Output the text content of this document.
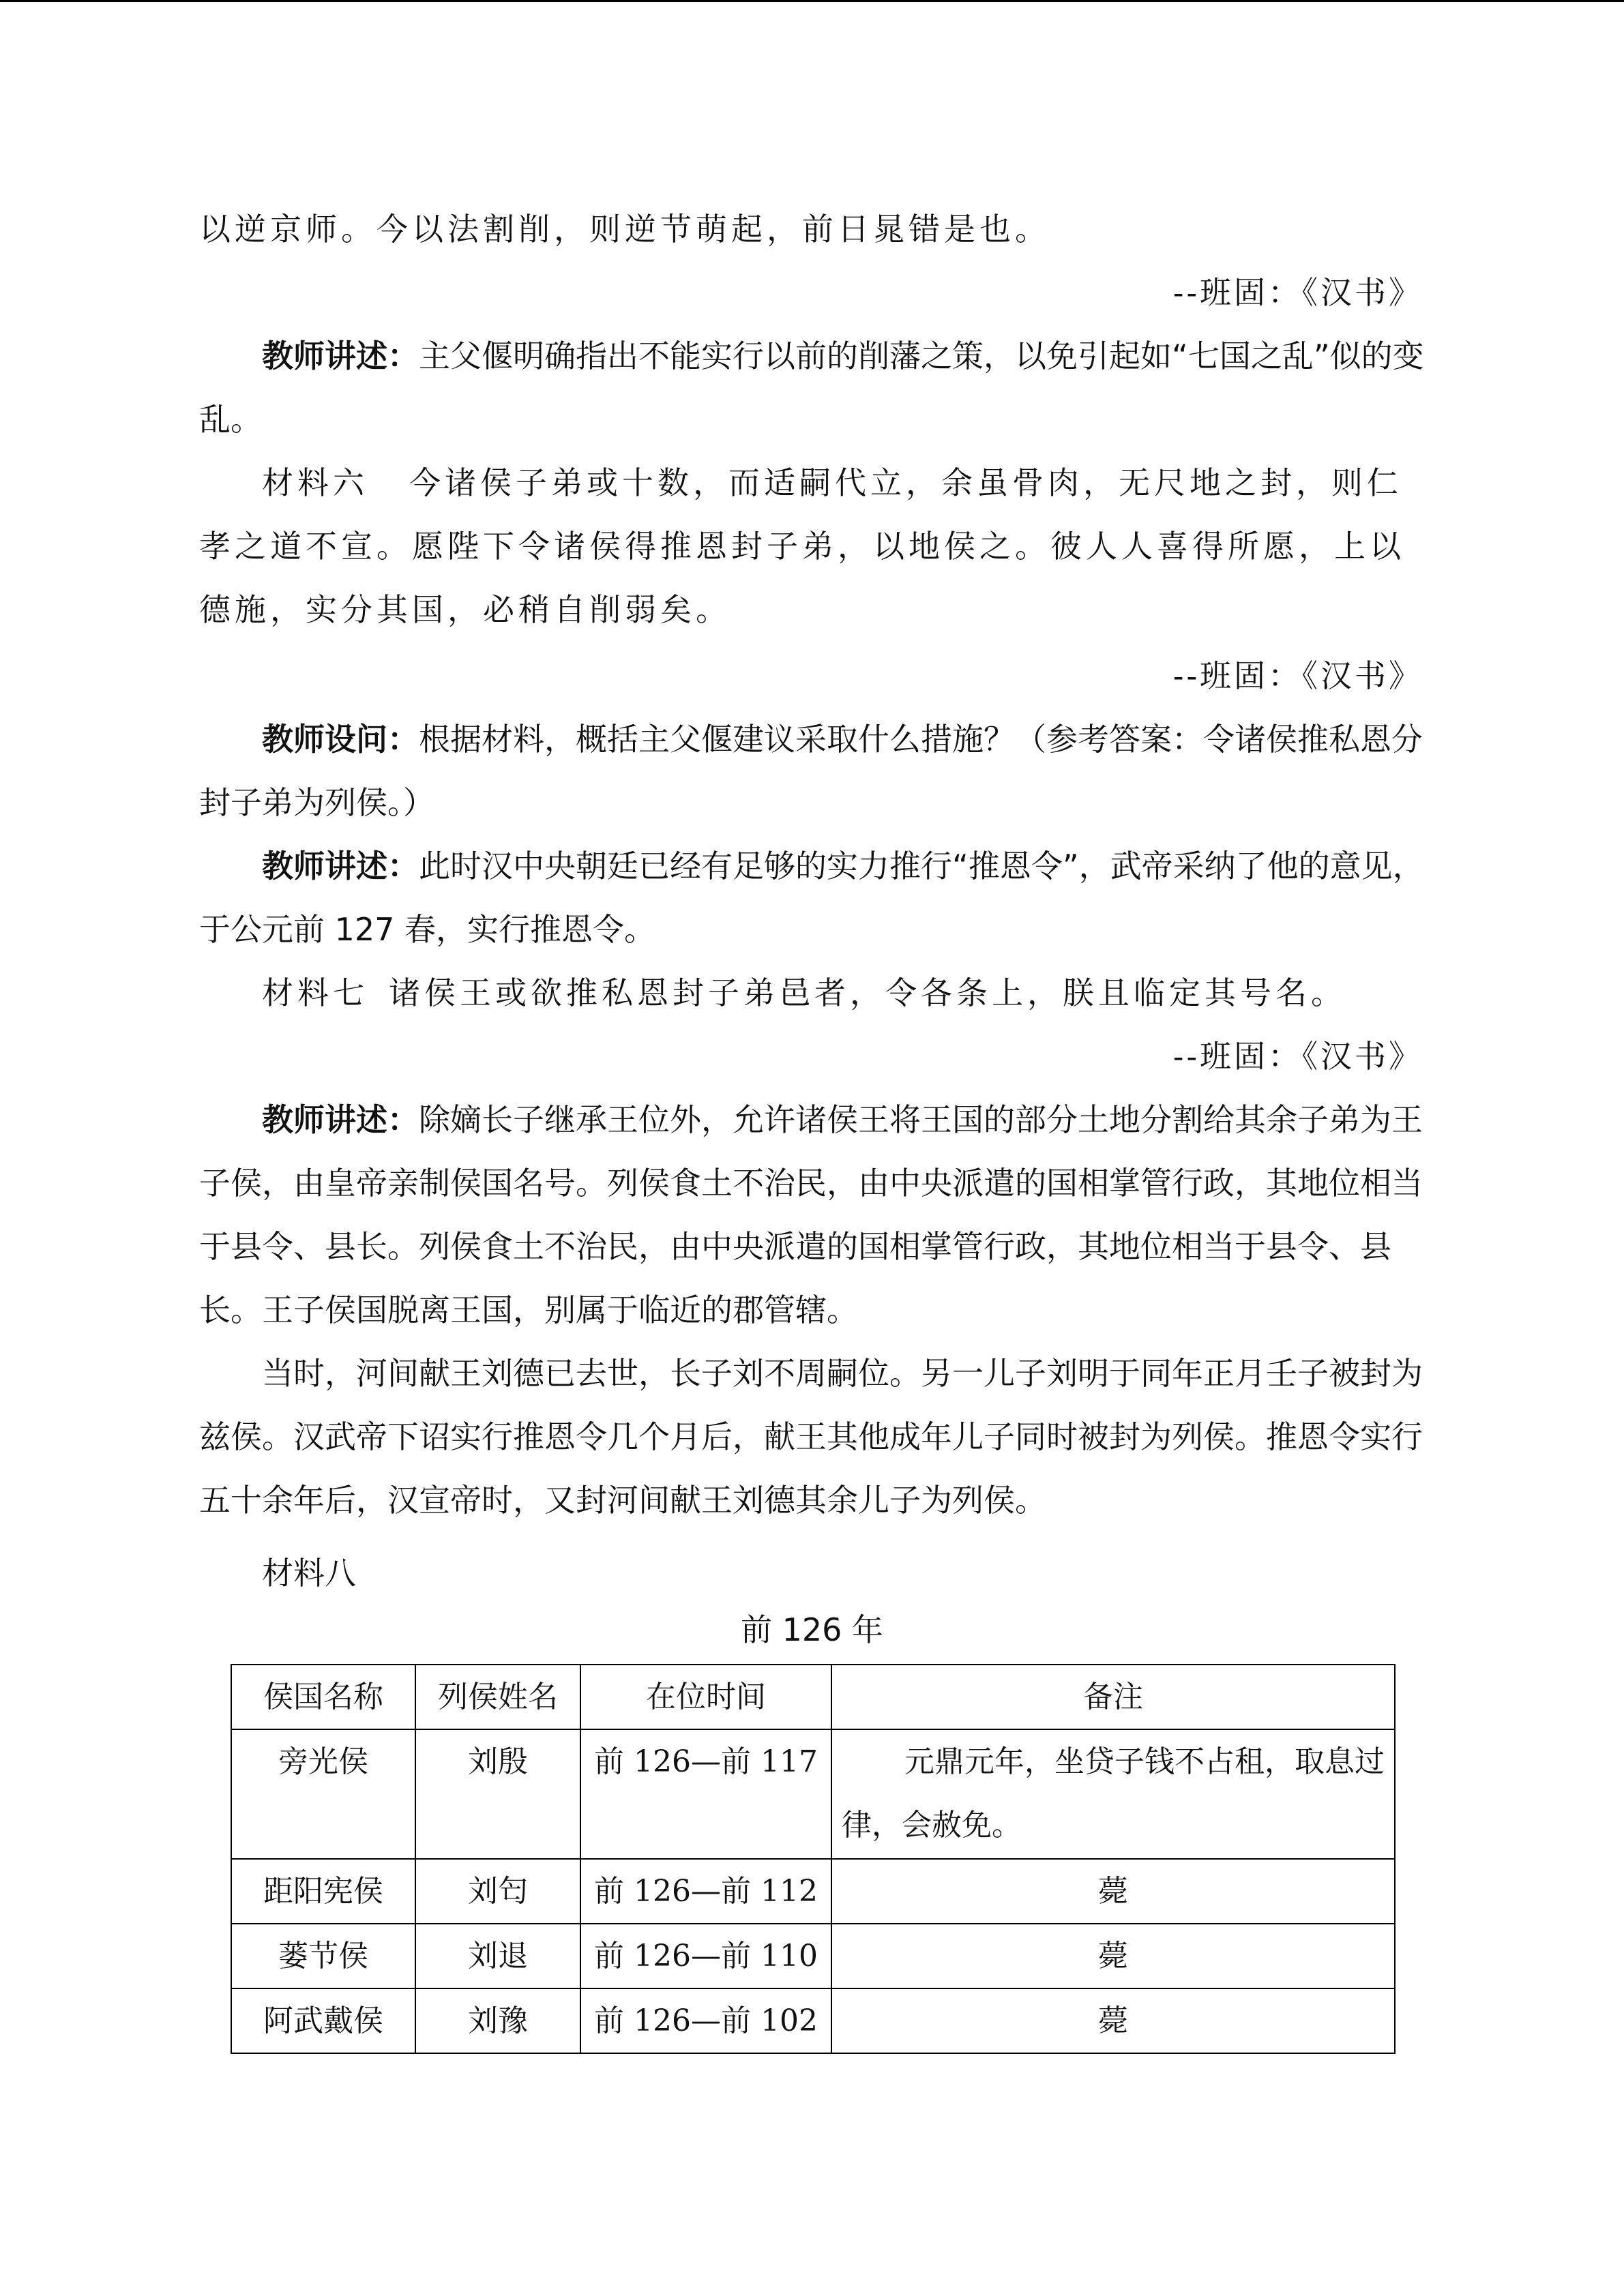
以逆京师。今以法割削，则逆节萌起，前日晁错是也。

--班固：《汉书》

教师讲述：主父偃明确指出不能实行以前的削藩之策，以免引起如“七国之乱”似的变乱。

材料六 今诸侯子弟或十数，而适嗣代立，余虽骨肉，无尺地之封，则仁孝之道不宣。愿陛下令诸侯得推恩封子弟，以地侯之。彼人人喜得所愿，上以德施，实分其国，必稍自削弱矣。

--班固：《汉书》

教师设问：根据材料，概括主父偃建议采取什么措施？（参考答案：令诸侯推私恩分封子弟为列侯。）

教师讲述：此时汉中央朝廷已经有足够的实力推行“推恩令”，武帝采纳了他的意见，于公元前 127 春，实行推恩令。

材料七 诸侯王或欲推私恩封子弟邑者，令各条上，朕且临定其号名。

--班固：《汉书》

教师讲述：除嫡长子继承王位外，允许诸侯王将王国的部分土地分割给其余子弟为王子侯，由皇帝亲制侯国名号。列侯食土不治民，由中央派遣的国相掌管行政，其地位相当于县令、县长。列侯食土不治民，由中央派遣的国相掌管行政，其地位相当于县令、县长。王子侯国脱离王国，别属于临近的郡管辖。

当时，河间献王刘德已去世，长子刘不周嗣位。另一儿子刘明于同年正月壬子被封为兹侯。汉武帝下诏实行推恩令几个月后，献王其他成年儿子同时被封为列侯。推恩令实行五十余年后，汉宣帝时，又封河间献王刘德其余儿子为列侯。

材料八

前 126 年
侯国名称	列侯姓名	在位时间	备注
旁光侯	刘殷	前 126—前 117	元鼎元年，坐贷子钱不占租，取息过律，会赦免。
距阳宪侯	刘匄	前 126—前 112	薨
蒌节侯	刘退	前 126—前 110	薨
阿武戴侯	刘豫	前 126—前 102	薨
